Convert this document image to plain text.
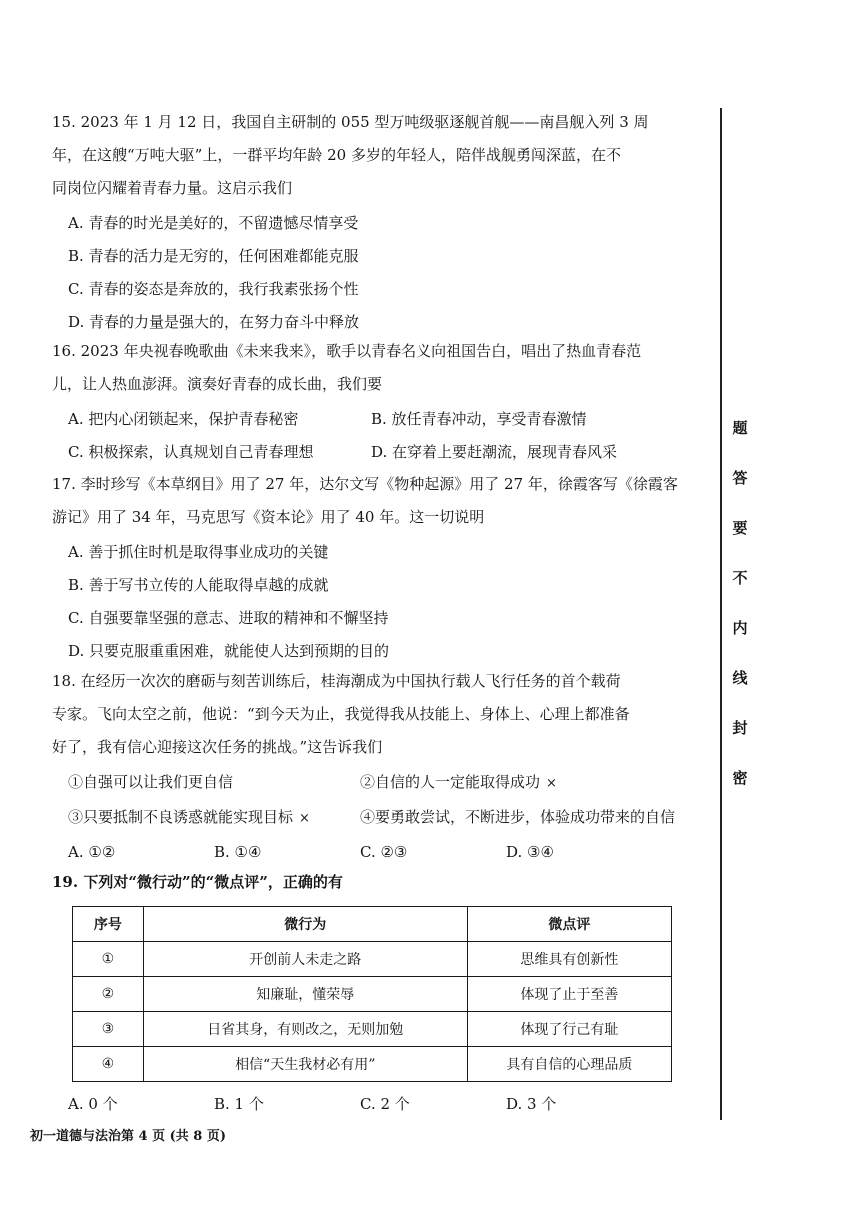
15. 2023 年 1 月 12 日，我国自主研制的 055 型万吨级驱逐舰首舰——南昌舰入列 3 周
年，在这艘“万吨大驱”上，一群平均年龄 20 多岁的年轻人，陪伴战舰勇闯深蓝，在不
同岗位闪耀着青春力量。这启示我们
A. 青春的时光是美好的，不留遗憾尽情享受
B. 青春的活力是无穷的，任何困难都能克服
C. 青春的姿态是奔放的，我行我素张扬个性
D. 青春的力量是强大的，在努力奋斗中释放
16. 2023 年央视春晚歌曲《未来我来》，歌手以青春名义向祖国告白，唱出了热血青春范
儿，让人热血澎湃。演奏好青春的成长曲，我们要
A. 把内心闭锁起来，保护青春秘密	B. 放任青春冲动，享受青春激情
C. 积极探索，认真规划自己青春理想	D. 在穿着上要赶潮流，展现青春风采
17. 李时珍写《本草纲目》用了 27 年，达尔文写《物种起源》用了 27 年，徐霞客写《徐霞客
游记》用了 34 年，马克思写《资本论》用了 40 年。这一切说明
A. 善于抓住时机是取得事业成功的关键
B. 善于写书立传的人能取得卓越的成就
C. 自强要靠坚强的意志、进取的精神和不懈坚持
D. 只要克服重重困难，就能使人达到预期的目的
18. 在经历一次次的磨砺与刻苦训练后，桂海潮成为中国执行载人飞行任务的首个载荷
专家。飞向太空之前，他说：“到今天为止，我觉得我从技能上、身体上、心理上都准备
好了，我有信心迎接这次任务的挑战。”这告诉我们
①自强可以让我们更自信	②自信的人一定能取得成功 ×
③只要抵制不良诱惑就能实现目标 ×	④要勇敢尝试，不断进步，体验成功带来的自信
A. ①②	B. ①④	C. ②③	D. ③④
19. 下列对“微行动”的“微点评”，正确的有
序号	微行为	微点评
①	开创前人未走之路	思维具有创新性
②	知廉耻，懂荣辱	体现了止于至善
③	日省其身，有则改之，无则加勉	体现了行己有耻
④	相信“天生我材必有用”	具有自信的心理品质
A. 0 个	B. 1 个	C. 2 个	D. 3 个
初一道德与法治第 4 页 (共 8 页)
题
答
要
不
内
线
封
密
